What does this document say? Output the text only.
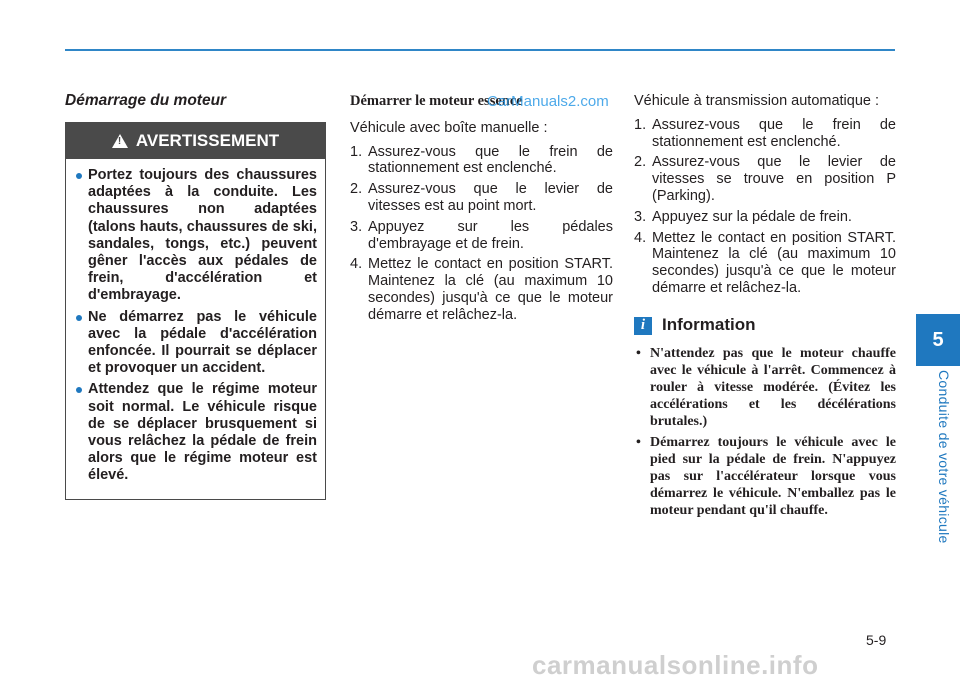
5
Conduite de votre véhicule
Démarrage du moteur
!
AVERTISSEMENT
Portez toujours des chaussures adaptées à la conduite. Les chaussures non adaptées (talons hauts, chaussures de ski, sandales, tongs, etc.) peuvent gêner l'accès aux pédales de frein, d'accélération et d'embrayage.
Ne démarrez pas le véhicule avec la pédale d'accélération enfoncée. Il pourrait se déplacer et provoquer un accident.
Attendez que le régime moteur soit normal. Le véhicule risque de se déplacer brusquement si vous relâchez la pédale de frein alors que le régime moteur est élevé.
Démarrer le moteur essence

Véhicule avec boîte manuelle :

1. Assurez-vous que le frein de stationnement est enclenché.
2. Assurez-vous que le levier de vitesses est au point mort.
3. Appuyez sur les pédales d'embrayage et de frein.
4. Mettez le contact en position START. Maintenez la clé (au maximum 10 secondes) jusqu'à ce que le moteur démarre et relâchez-la.

Véhicule à transmission automatique :

1. Assurez-vous que le frein de stationnement est enclenché.
2. Assurez-vous que le levier de vitesses se trouve en position P (Parking).
3. Appuyez sur la pédale de frein.
4. Mettez le contact en position START. Maintenez la clé (au maximum 10 secondes) jusqu'à ce que le moteur démarre et relâchez-la.
i Information
• N'attendez pas que le moteur chauffe avec le véhicule à l'arrêt. Commencez à rouler à vitesse modérée. (Évitez les accélérations et les décélérations brutales.)
• Démarrez toujours le véhicule avec le pied sur la pédale de frein. N'appuyez pas sur l'accélérateur lorsque vous démarrez le véhicule. N'emballez pas le moteur pendant qu'il chauffe.
CarManuals2.com
5-9
carmanualsonline.info
